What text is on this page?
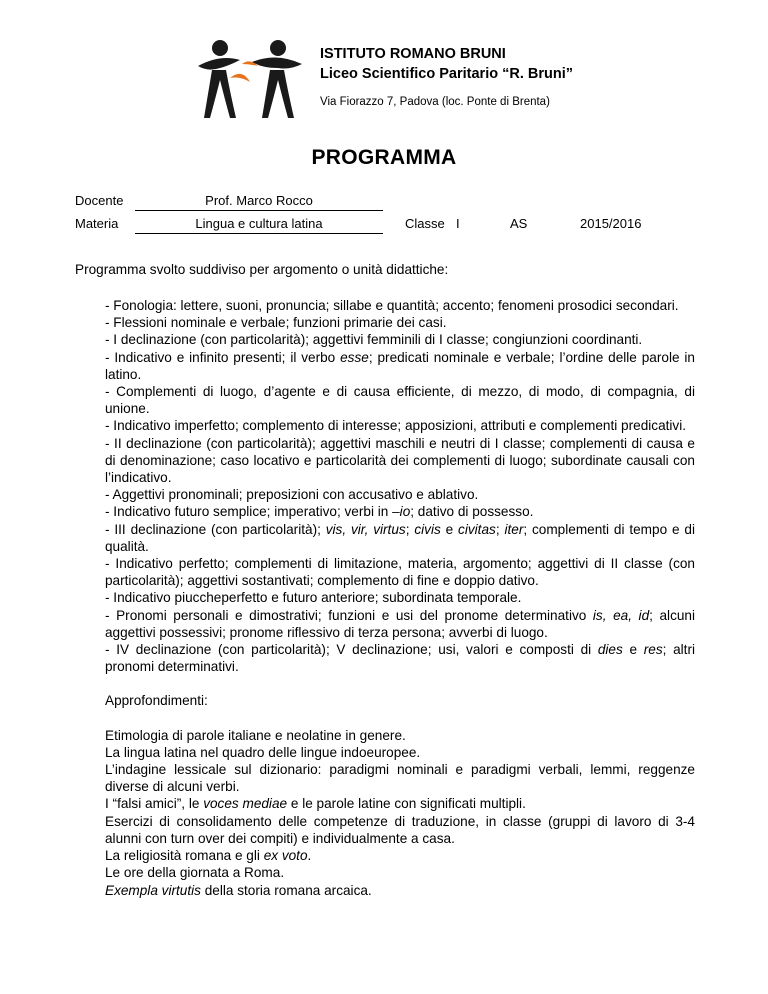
ISTITUTO ROMANO BRUNI
Liceo Scientifico Paritario “R. Bruni”
Via Fiorazzo 7, Padova (loc. Ponte di Brenta)
PROGRAMMA
Docente	Prof. Marco Rocco
Materia	Lingua e cultura latina	Classe I	AS	2015/2016
Programma svolto suddiviso per argomento o unità didattiche:

- Fonologia: lettere, suoni, pronuncia; sillabe e quantità; accento; fenomeni prosodici secondari.

- Flessioni nominale e verbale; funzioni primarie dei casi.

- I declinazione (con particolarità); aggettivi femminili di I classe; congiunzioni coordinanti.

- Indicativo e infinito presenti; il verbo esse; predicati nominale e verbale; l’ordine delle parole in latino.

- Complementi di luogo, d’agente e di causa efficiente, di mezzo, di modo, di compagnia, di unione.

- Indicativo imperfetto; complemento di interesse; apposizioni, attributi e complementi predicativi.

- II declinazione (con particolarità); aggettivi maschili e neutri di I classe; complementi di causa e di denominazione; caso locativo e particolarità dei complementi di luogo; subordinate causali con l’indicativo.

- Aggettivi pronominali; preposizioni con accusativo e ablativo.

- Indicativo futuro semplice; imperativo; verbi in –io; dativo di possesso.

- III declinazione (con particolarità); vis, vir, virtus; civis e civitas; iter; complementi di tempo e di qualità.

- Indicativo perfetto; complementi di limitazione, materia, argomento; aggettivi di II classe (con particolarità); aggettivi sostantivati; complemento di fine e doppio dativo.

- Indicativo piuccheperfetto e futuro anteriore; subordinata temporale.

- Pronomi personali e dimostrativi; funzioni e usi del pronome determinativo is, ea, id; alcuni aggettivi possessivi; pronome riflessivo di terza persona; avverbi di luogo.

- IV declinazione (con particolarità); V declinazione; usi, valori e composti di dies e res; altri pronomi determinativi.

Approfondimenti:

Etimologia di parole italiane e neolatine in genere.

La lingua latina nel quadro delle lingue indoeuropee.

L’indagine lessicale sul dizionario: paradigmi nominali e paradigmi verbali, lemmi, reggenze diverse di alcuni verbi.

I “falsi amici”, le voces mediae e le parole latine con significati multipli.

Esercizi di consolidamento delle competenze di traduzione, in classe (gruppi di lavoro di 3-4 alunni con turn over dei compiti) e individualmente a casa.

La religiosità romana e gli ex voto.

Le ore della giornata a Roma.

Exempla virtutis della storia romana arcaica.
